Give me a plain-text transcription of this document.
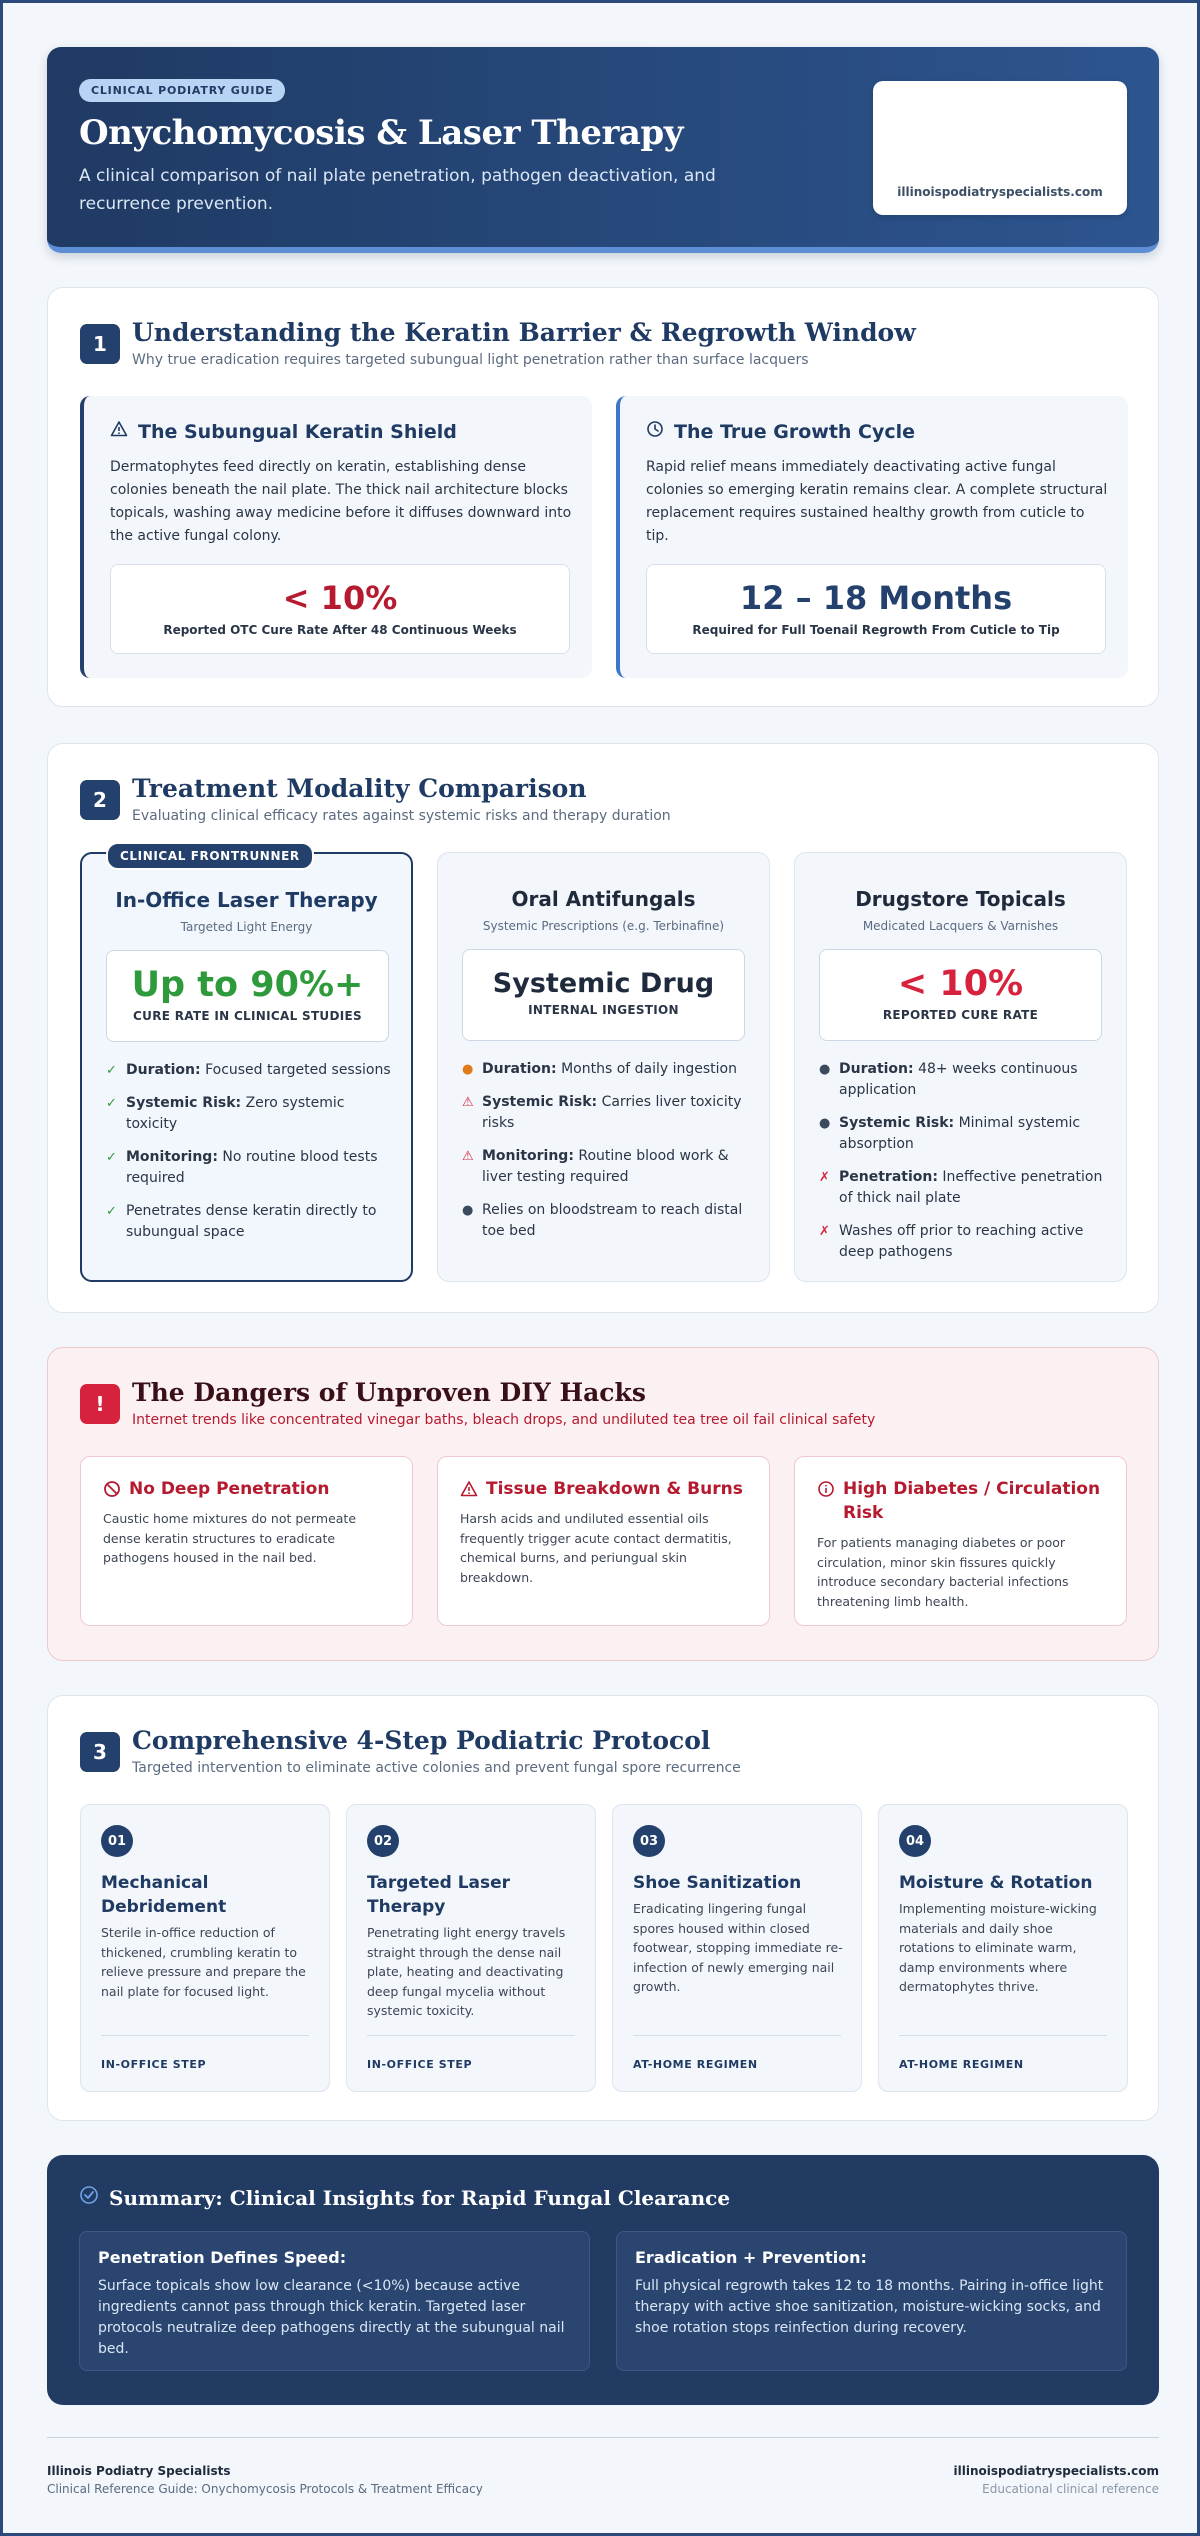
CLINICAL PODIATRY GUIDE
Onychomycosis & Laser Therapy
A clinical comparison of nail plate penetration, pathogen deactivation, and recurrence prevention.
illinoispodiatryspecialists.com
1	Understanding the Keratin Barrier & Regrowth Window
Why true eradication requires targeted subungual light penetration rather than surface lacquers
The Subungual Keratin Shield
Dermatophytes feed directly on keratin, establishing dense colonies beneath the nail plate. The thick nail architecture blocks topicals, washing away medicine before it diffuses downward into the active fungal colony.
< 10%
Reported OTC Cure Rate After 48 Continuous Weeks
The True Growth Cycle
Rapid relief means immediately deactivating active fungal colonies so emerging keratin remains clear. A complete structural replacement requires sustained healthy growth from cuticle to tip.
12 – 18 Months
Required for Full Toenail Regrowth From Cuticle to Tip
2	Treatment Modality Comparison
Evaluating clinical efficacy rates against systemic risks and therapy duration
CLINICAL FRONTRUNNER
In-Office Laser Therapy
Targeted Light Energy
Up to 90%+
CURE RATE IN CLINICAL STUDIES
✓ Duration: Focused targeted sessions
✓ Systemic Risk: Zero systemic toxicity
✓ Monitoring: No routine blood tests required
✓ Penetrates dense keratin directly to subungual space
Oral Antifungals
Systemic Prescriptions (e.g. Terbinafine)
Systemic Drug
INTERNAL INGESTION
● Duration: Months of daily ingestion
⚠ Systemic Risk: Carries liver toxicity risks
⚠ Monitoring: Routine blood work & liver testing required
● Relies on bloodstream to reach distal toe bed
Drugstore Topicals
Medicated Lacquers & Varnishes
< 10%
REPORTED CURE RATE
● Duration: 48+ weeks continuous application
● Systemic Risk: Minimal systemic absorption
✗ Penetration: Ineffective penetration of thick nail plate
✗ Washes off prior to reaching active deep pathogens
!	The Dangers of Unproven DIY Hacks
Internet trends like concentrated vinegar baths, bleach drops, and undiluted tea tree oil fail clinical safety
No Deep Penetration
Caustic home mixtures do not permeate dense keratin structures to eradicate pathogens housed in the nail bed.
Tissue Breakdown & Burns
Harsh acids and undiluted essential oils frequently trigger acute contact dermatitis, chemical burns, and periungual skin breakdown.
High Diabetes / Circulation Risk
For patients managing diabetes or poor circulation, minor skin fissures quickly introduce secondary bacterial infections threatening limb health.
3	Comprehensive 4-Step Podiatric Protocol
Targeted intervention to eliminate active colonies and prevent fungal spore recurrence
01
Mechanical Debridement
Sterile in-office reduction of thickened, crumbling keratin to relieve pressure and prepare the nail plate for focused light.
IN-OFFICE STEP
02
Targeted Laser Therapy
Penetrating light energy travels straight through the dense nail plate, heating and deactivating deep fungal mycelia without systemic toxicity.
IN-OFFICE STEP
03
Shoe Sanitization
Eradicating lingering fungal spores housed within closed footwear, stopping immediate re-infection of newly emerging nail growth.
AT-HOME REGIMEN
04
Moisture & Rotation
Implementing moisture-wicking materials and daily shoe rotations to eliminate warm, damp environments where dermatophytes thrive.
AT-HOME REGIMEN
Summary: Clinical Insights for Rapid Fungal Clearance
Penetration Defines Speed:
Surface topicals show low clearance (<10%) because active ingredients cannot pass through thick keratin. Targeted laser protocols neutralize deep pathogens directly at the subungual nail bed.
Eradication + Prevention:
Full physical regrowth takes 12 to 18 months. Pairing in-office light therapy with active shoe sanitization, moisture-wicking socks, and shoe rotation stops reinfection during recovery.
Illinois Podiatry Specialists
Clinical Reference Guide: Onychomycosis Protocols & Treatment Efficacy
illinoispodiatryspecialists.com
Educational clinical reference
